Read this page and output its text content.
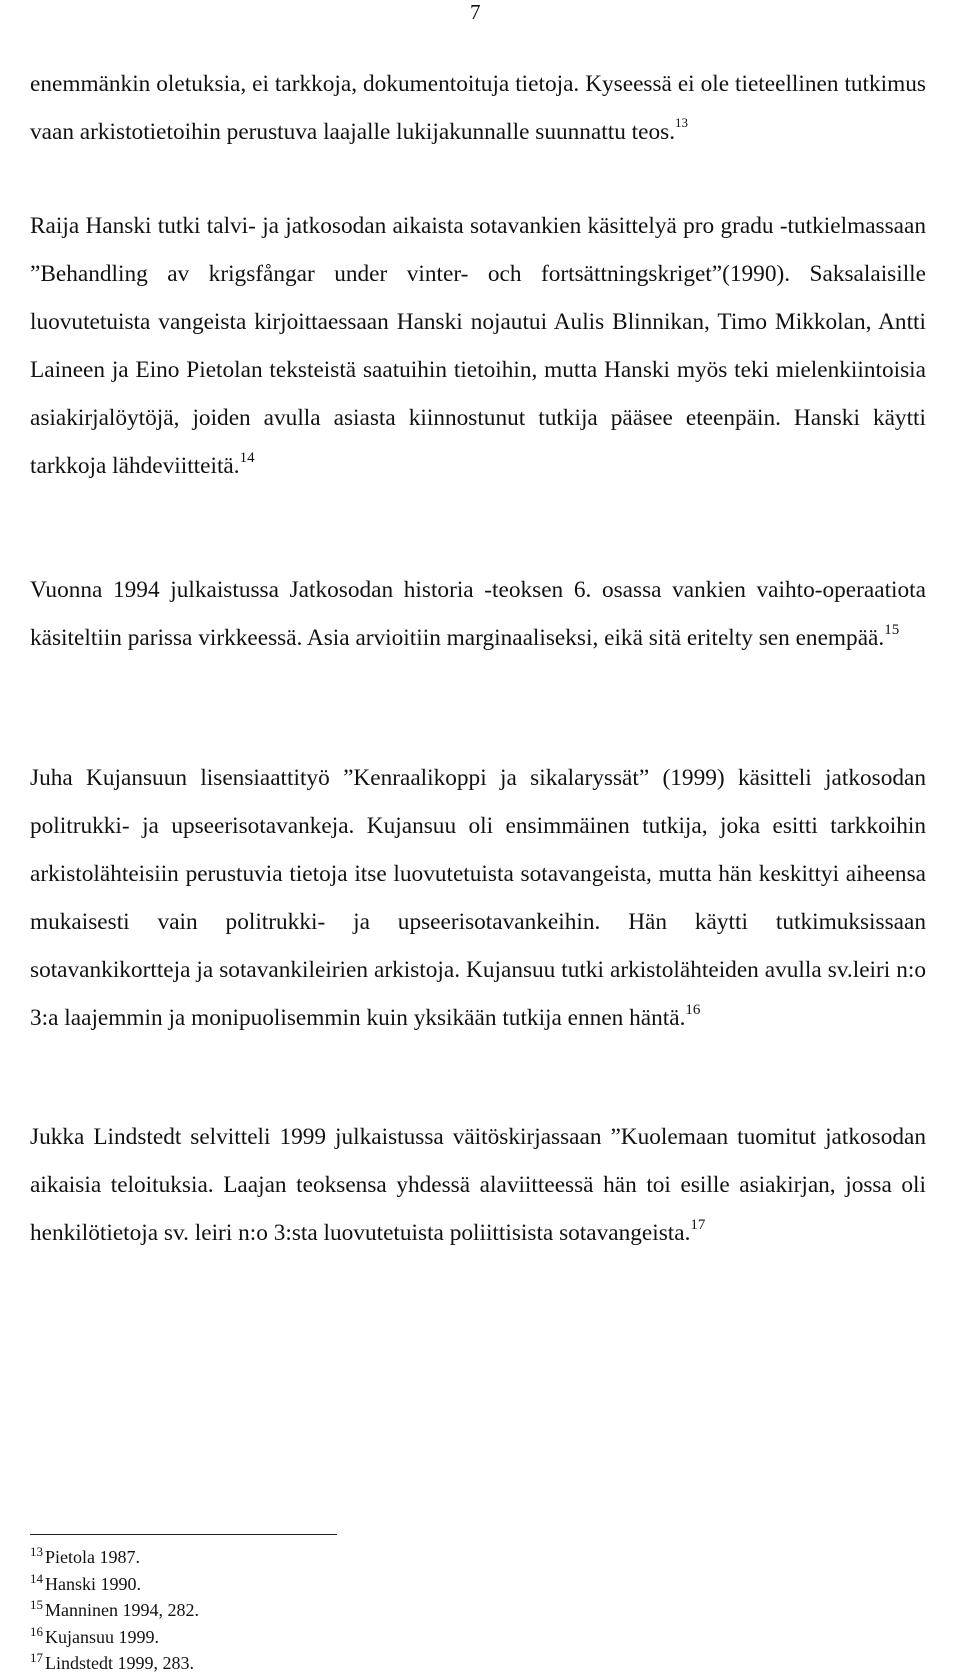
7

enemmänkin oletuksia, ei tarkkoja, dokumentoituja tietoja. Kyseessä ei ole tieteellinen tutkimus vaan arkistotietoihin perustuva laajalle lukijakunnalle suunnattu teos.$^{13}$

Raija Hanski tutki talvi- ja jatkosodan aikaista sotavankien käsittelyä pro gradu -tutkielmassaan ”Behandling av krigsfångar under vinter- och fortsättningskriget”(1990). Saksalaisille luovutetuista vangeista kirjoittaessaan Hanski nojautui Aulis Blinnikan, Timo Mikkolan, Antti Laineen ja Eino Pietolan teksteistä saatuihin tietoihin, mutta Hanski myös teki mielenkiintoisia asiakirjalöytöjä, joiden avulla asiasta kiinnostunut tutkija pääsee eteenpäin. Hanski käytti tarkkoja lähdeviitteitä.$^{14}$

Vuonna 1994 julkaistussa Jatkosodan historia -teoksen 6. osassa vankien vaihto-operaatiota käsiteltiin parissa virkkeessä. Asia arvioitiin marginaaliseksi, eikä sitä eritelty sen enempää.$^{15}$

Juha Kujansuun lisensiaattityö ”Kenraalikoppi ja sikalaryssät” (1999) käsitteli jatkosodan politrukki- ja upseerisotavankeja. Kujansuu oli ensimmäinen tutkija, joka esitti tarkkoihin arkistolähteisiin perustuvia tietoja itse luovutetuista sotavangeista, mutta hän keskittyi aiheensa mukaisesti vain politrukki- ja upseerisotavankeihin. Hän käytti tutkimuksissaan sotavankikortteja ja sotavankileirien arkistoja. Kujansuu tutki arkistolähteiden avulla sv.leiri n:o 3:a laajemmin ja monipuolisemmin kuin yksikään tutkija ennen häntä.$^{16}$

Jukka Lindstedt selvitteli 1999 julkaistussa väitöskirjassaan ”Kuolemaan tuomitut jatkosodan aikaisia teloituksia. Laajan teoksensa yhdessä alaviitteessä hän toi esille asiakirjan, jossa oli henkilötietoja sv. leiri n:o 3:sta luovutetuista poliittisista sotavangeista.$^{17}$

$^{13}$ Pietola 1987.
$^{14}$ Hanski 1990.
$^{15}$ Manninen 1994, 282.
$^{16}$ Kujansuu 1999.
$^{17}$ Lindstedt 1999, 283.
